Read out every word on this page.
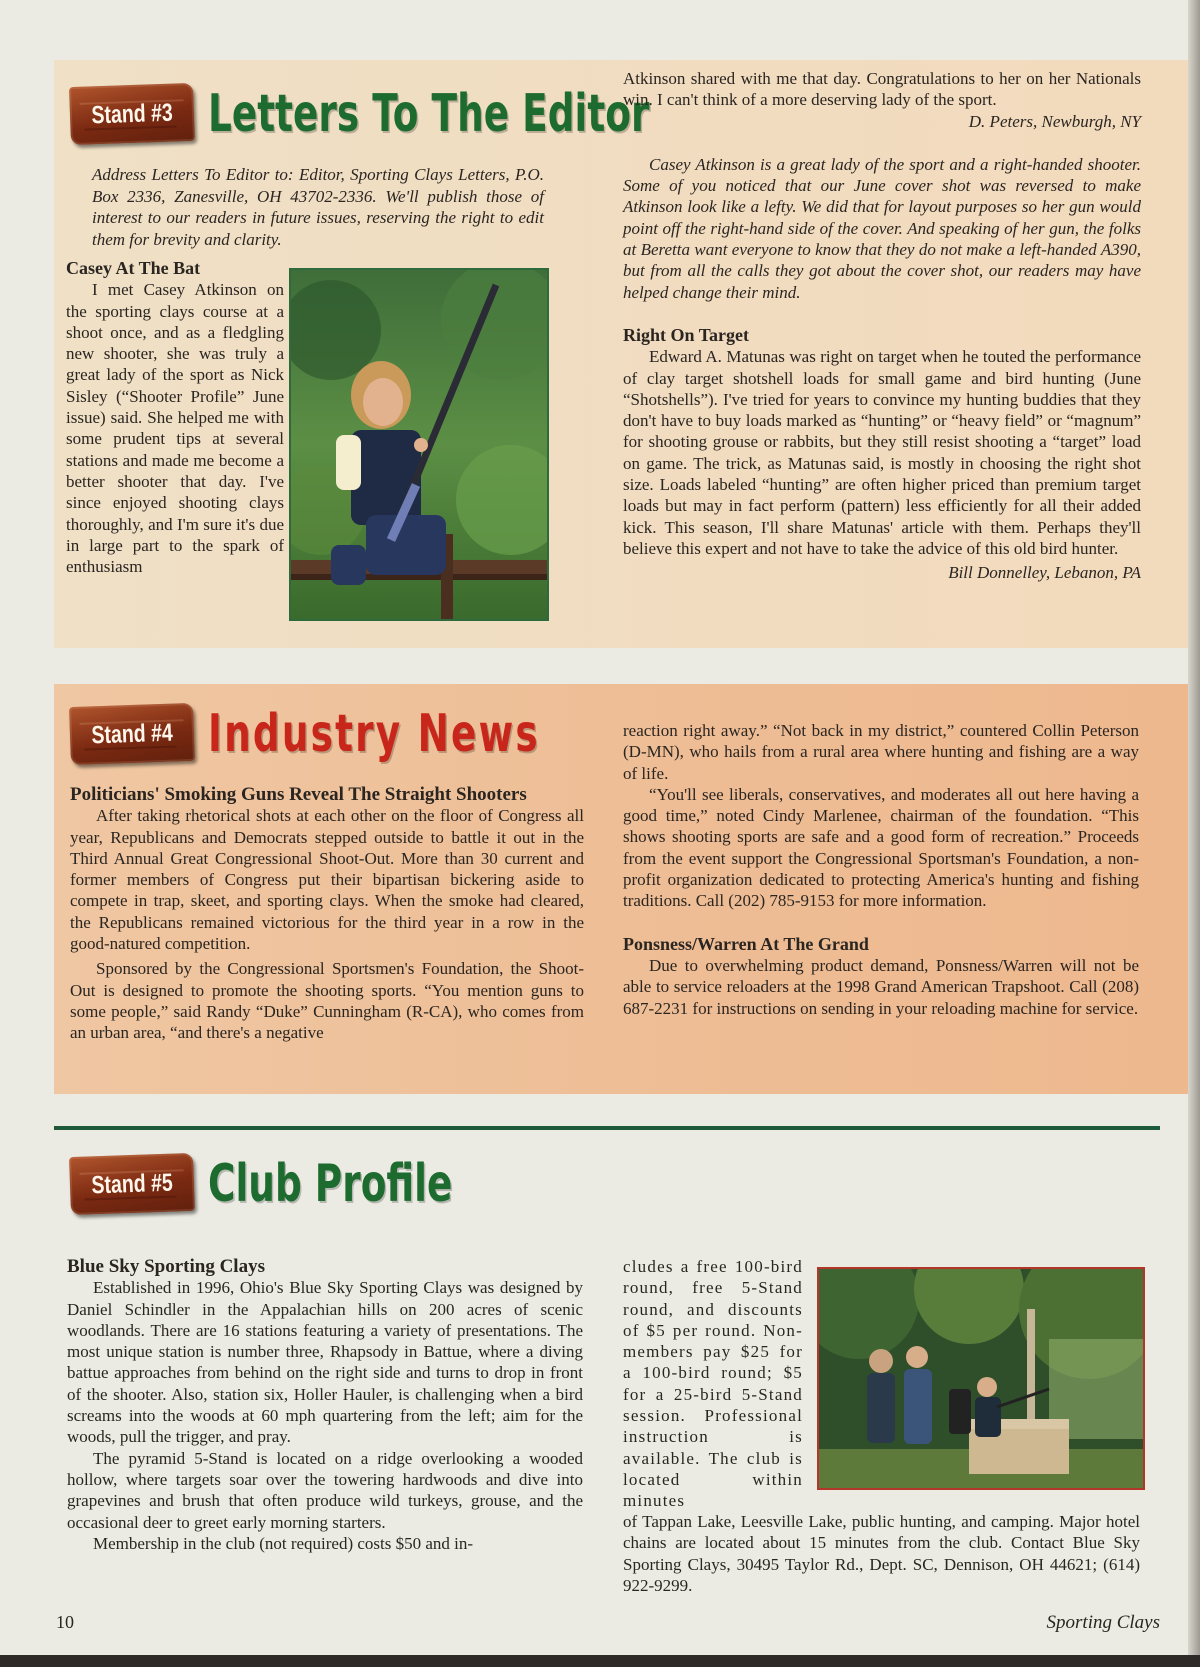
Stand #3 Letters To The Editor

Address Letters To Editor to: Editor, Sporting Clays Letters, P.O. Box 2336, Zanesville, OH 43702-2336. We'll publish those of interest to our readers in future issues, reserving the right to edit them for brevity and clarity.

Casey At The Bat

I met Casey Atkinson on the sporting clays course at a shoot once, and as a fledgling new shooter, she was truly a great lady of the sport as Nick Sisley (“Shooter Profile” June issue) said. She helped me with some prudent tips at several stations and made me become a better shooter that day. I've since enjoyed shooting clays thoroughly, and I'm sure it's due in large part to the spark of enthusiasm

Atkinson shared with me that day. Congratulations to her on her Nationals win. I can't think of a more deserving lady of the sport.

D. Peters, Newburgh, NY

Casey Atkinson is a great lady of the sport and a right-handed shooter. Some of you noticed that our June cover shot was reversed to make Atkinson look like a lefty. We did that for layout purposes so her gun would point off the right-hand side of the cover. And speaking of her gun, the folks at Beretta want everyone to know that they do not make a left-handed A390, but from all the calls they got about the cover shot, our readers may have helped change their mind.

Right On Target

Edward A. Matunas was right on target when he touted the performance of clay target shotshell loads for small game and bird hunting (June “Shotshells”). I've tried for years to convince my hunting buddies that they don't have to buy loads marked as “hunting” or “heavy field” or “magnum” for shooting grouse or rabbits, but they still resist shooting a “target” load on game. The trick, as Matunas said, is mostly in choosing the right shot size. Loads labeled “hunting” are often higher priced than premium target loads but may in fact perform (pattern) less efficiently for all their added kick. This season, I'll share Matunas' article with them. Perhaps they'll believe this expert and not have to take the advice of this old bird hunter.

Bill Donnelley, Lebanon, PA

Stand #4 Industry News

Politicians' Smoking Guns Reveal The Straight Shooters

After taking rhetorical shots at each other on the floor of Congress all year, Republicans and Democrats stepped outside to battle it out in the Third Annual Great Congressional Shoot-Out. More than 30 current and former members of Congress put their bipartisan bickering aside to compete in trap, skeet, and sporting clays. When the smoke had cleared, the Republicans remained victorious for the third year in a row in the good-natured competition.

Sponsored by the Congressional Sportsmen's Foundation, the Shoot-Out is designed to promote the shooting sports. “You mention guns to some people,” said Randy “Duke” Cunningham (R-CA), who comes from an urban area, “and there's a negative

reaction right away.” “Not back in my district,” countered Collin Peterson (D-MN), who hails from a rural area where hunting and fishing are a way of life.

“You'll see liberals, conservatives, and moderates all out here having a good time,” noted Cindy Marlenee, chairman of the foundation. “This shows shooting sports are safe and a good form of recreation.” Proceeds from the event support the Congressional Sportsman's Foundation, a non-profit organization dedicated to protecting America's hunting and fishing traditions. Call (202) 785-9153 for more information.

Ponsness/Warren At The Grand

Due to overwhelming product demand, Ponsness/Warren will not be able to service reloaders at the 1998 Grand American Trapshoot. Call (208) 687-2231 for instructions on sending in your reloading machine for service.

Stand #5 Club Profile

Blue Sky Sporting Clays

Established in 1996, Ohio's Blue Sky Sporting Clays was designed by Daniel Schindler in the Appalachian hills on 200 acres of scenic woodlands. There are 16 stations featuring a variety of presentations. The most unique station is number three, Rhapsody in Battue, where a diving battue approaches from behind on the right side and turns to drop in front of the shooter. Also, station six, Holler Hauler, is challenging when a bird screams into the woods at 60 mph quartering from the left; aim for the woods, pull the trigger, and pray.

The pyramid 5-Stand is located on a ridge overlooking a wooded hollow, where targets soar over the towering hardwoods and dive into grapevines and brush that often produce wild turkeys, grouse, and the occasional deer to greet early morning starters.

Membership in the club (not required) costs $50 and in-

cludes a free 100-bird round, free 5-Stand round, and discounts of $5 per round. Non-members pay $25 for a 100-bird round; $5 for a 25-bird 5-Stand session. Professional instruction is available. The club is located within minutes

of Tappan Lake, Leesville Lake, public hunting, and camping. Major hotel chains are located about 15 minutes from the club. Contact Blue Sky Sporting Clays, 30495 Taylor Rd., Dept. SC, Dennison, OH 44621; (614) 922-9299.

10	Sporting Clays
